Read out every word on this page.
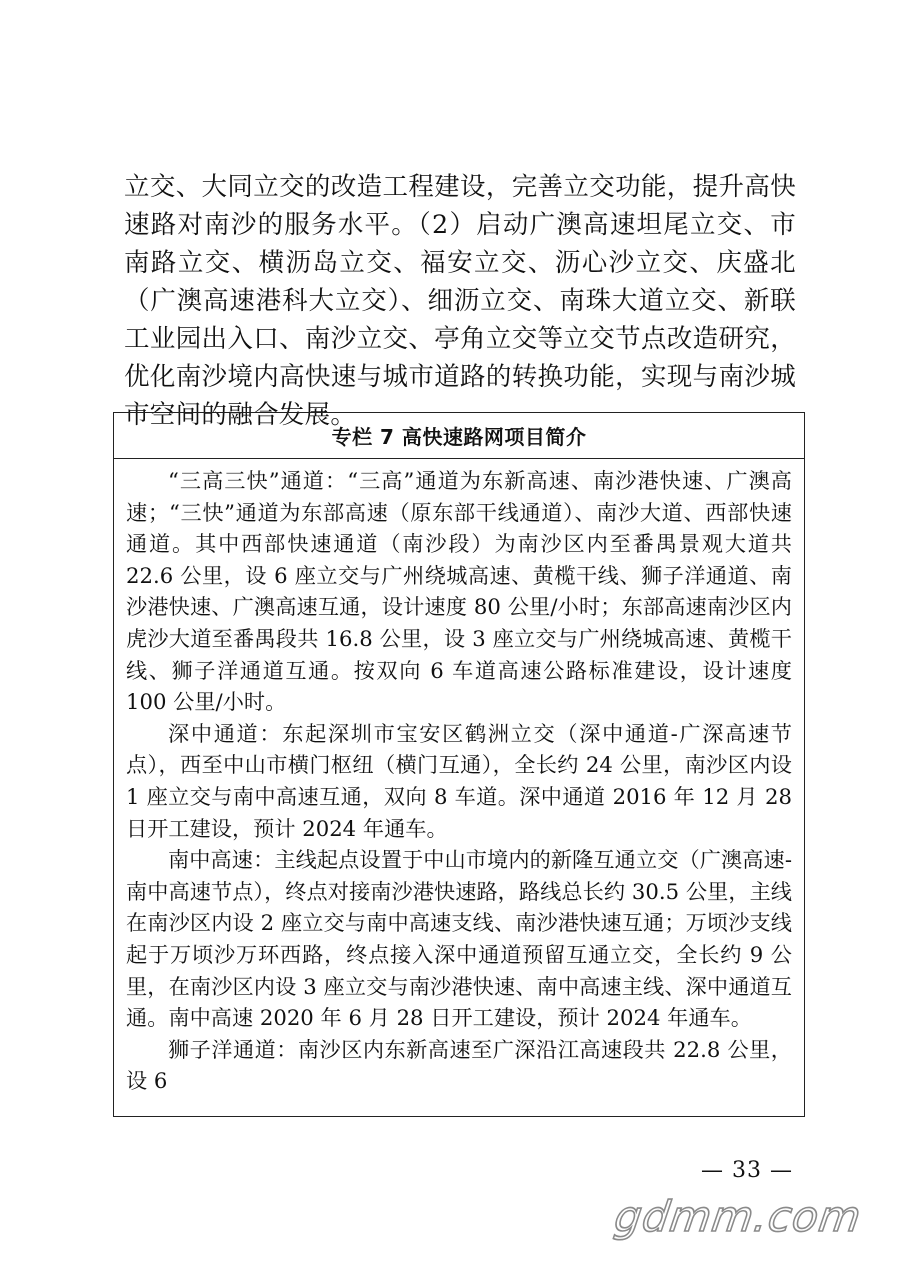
立交、大同立交的改造工程建设，完善立交功能，提升高快速路对南沙的服务水平。（2）启动广澳高速坦尾立交、市南路立交、横沥岛立交、福安立交、沥心沙立交、庆盛北（广澳高速港科大立交）、细沥立交、南珠大道立交、新联工业园出入口、南沙立交、亭角立交等立交节点改造研究，优化南沙境内高快速与城市道路的转换功能，实现与南沙城市空间的融合发展。

专栏 7 高快速路网项目简介

“三高三快”通道：“三高”通道为东新高速、南沙港快速、广澳高速；“三快”通道为东部高速（原东部干线通道）、南沙大道、西部快速通道。其中西部快速通道（南沙段）为南沙区内至番禺景观大道共 22.6 公里，设 6 座立交与广州绕城高速、黄榄干线、狮子洋通道、南沙港快速、广澳高速互通，设计速度 80 公里/小时；东部高速南沙区内虎沙大道至番禺段共 16.8 公里，设 3 座立交与广州绕城高速、黄榄干线、狮子洋通道互通。按双向 6 车道高速公路标准建设，设计速度 100 公里/小时。

深中通道：东起深圳市宝安区鹤洲立交（深中通道-广深高速节点），西至中山市横门枢纽（横门互通），全长约 24 公里，南沙区内设 1 座立交与南中高速互通，双向 8 车道。深中通道 2016 年 12 月 28 日开工建设，预计 2024 年通车。

南中高速：主线起点设置于中山市境内的新隆互通立交（广澳高速-南中高速节点），终点对接南沙港快速路，路线总长约 30.5 公里，主线在南沙区内设 2 座立交与南中高速支线、南沙港快速互通；万顷沙支线起于万顷沙万环西路，终点接入深中通道预留互通立交，全长约 9 公里，在南沙区内设 3 座立交与南沙港快速、南中高速主线、深中通道互通。南中高速 2020 年 6 月 28 日开工建设，预计 2024 年通车。

狮子洋通道：南沙区内东新高速至广深沿江高速段共 22.8 公里，设 6

— 33 —
gdmm.com
